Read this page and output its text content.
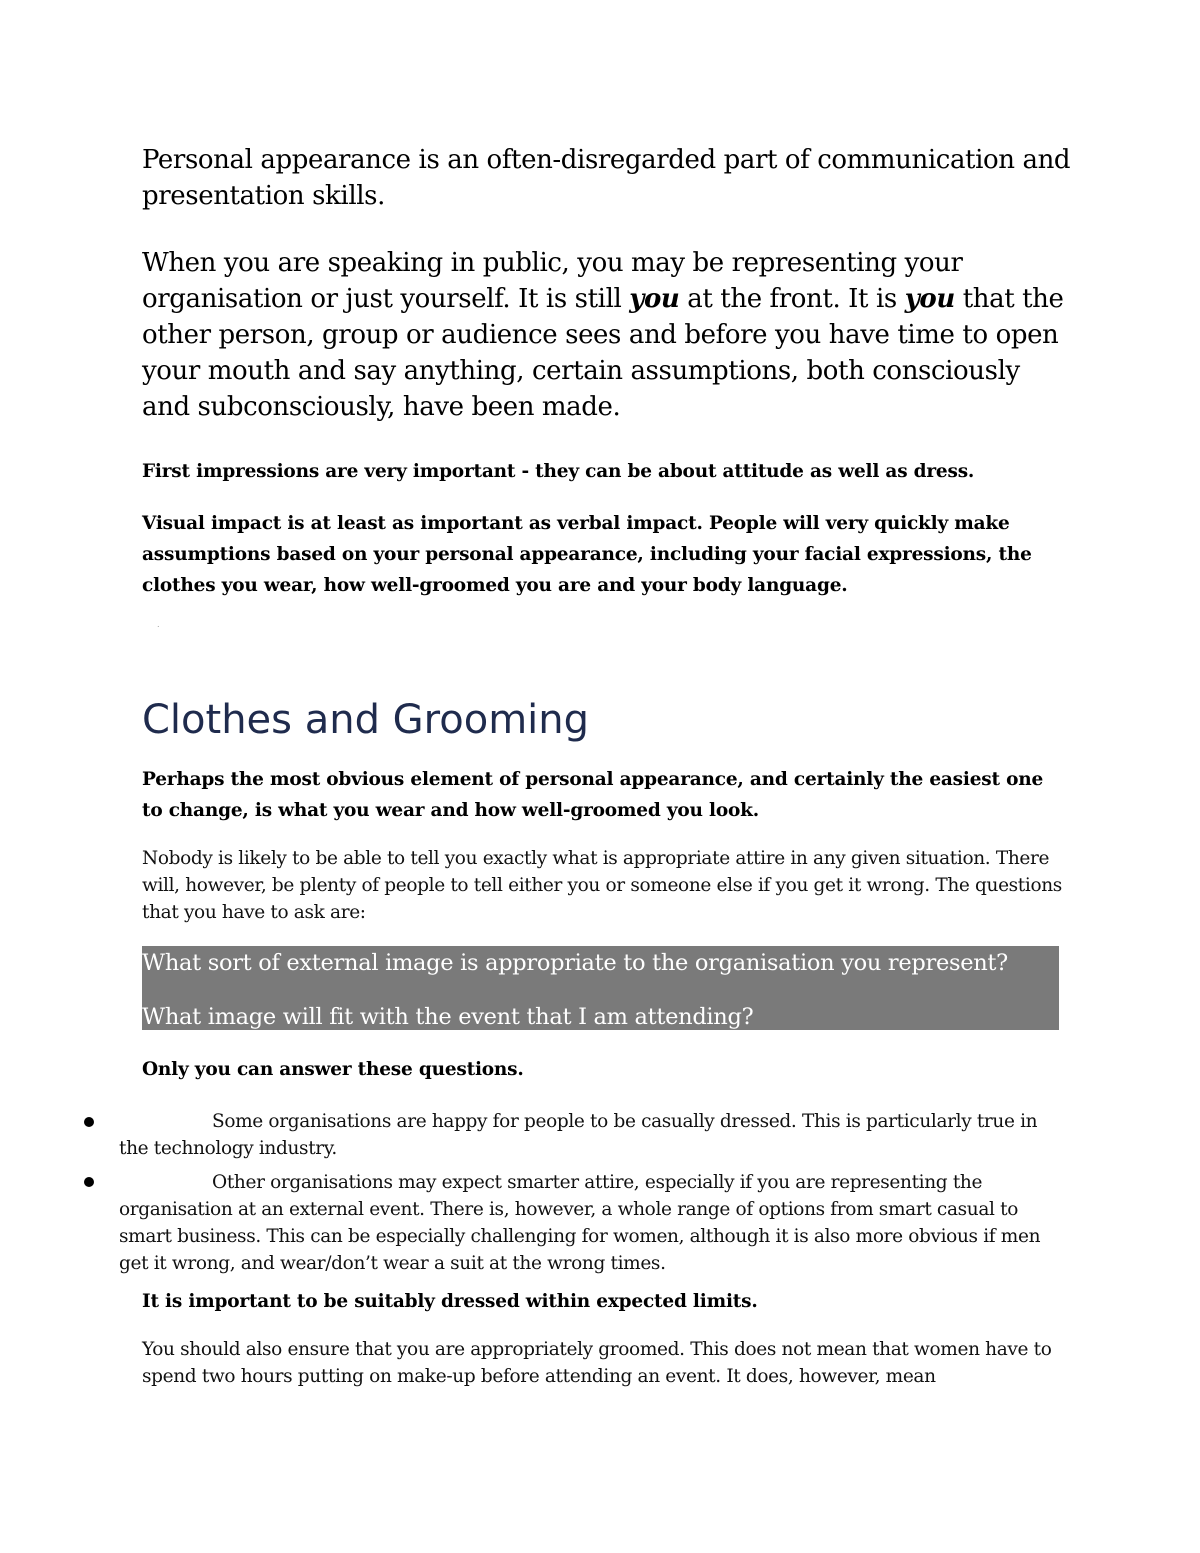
Personal appearance is an often-disregarded part of communication and presentation skills.

When you are speaking in public, you may be representing your organisation or just yourself. It is still you at the front. It is you that the other person, group or audience sees and before you have time to open your mouth and say anything, certain assumptions, both consciously and subconsciously, have been made.

First impressions are very important - they can be about attitude as well as dress.

Visual impact is at least as important as verbal impact. People will very quickly make assumptions based on your personal appearance, including your facial expressions, the clothes you wear, how well-groomed you are and your body language.

.
Clothes and Grooming

Perhaps the most obvious element of personal appearance, and certainly the easiest one to change, is what you wear and how well-groomed you look.

Nobody is likely to be able to tell you exactly what is appropriate attire in any given situation. There will, however, be plenty of people to tell either you or someone else if you get it wrong. The questions that you have to ask are:

What sort of external image is appropriate to the organisation you represent?
What image will fit with the event that I am attending?

Only you can answer these questions.

Some organisations are happy for people to be casually dressed. This is particularly true in the technology industry.

Other organisations may expect smarter attire, especially if you are representing the organisation at an external event. There is, however, a whole range of options from smart casual to smart business. This can be especially challenging for women, although it is also more obvious if men get it wrong, and wear/don’t wear a suit at the wrong times.

It is important to be suitably dressed within expected limits.

You should also ensure that you are appropriately groomed. This does not mean that women have to spend two hours putting on make-up before attending an event. It does, however, mean
